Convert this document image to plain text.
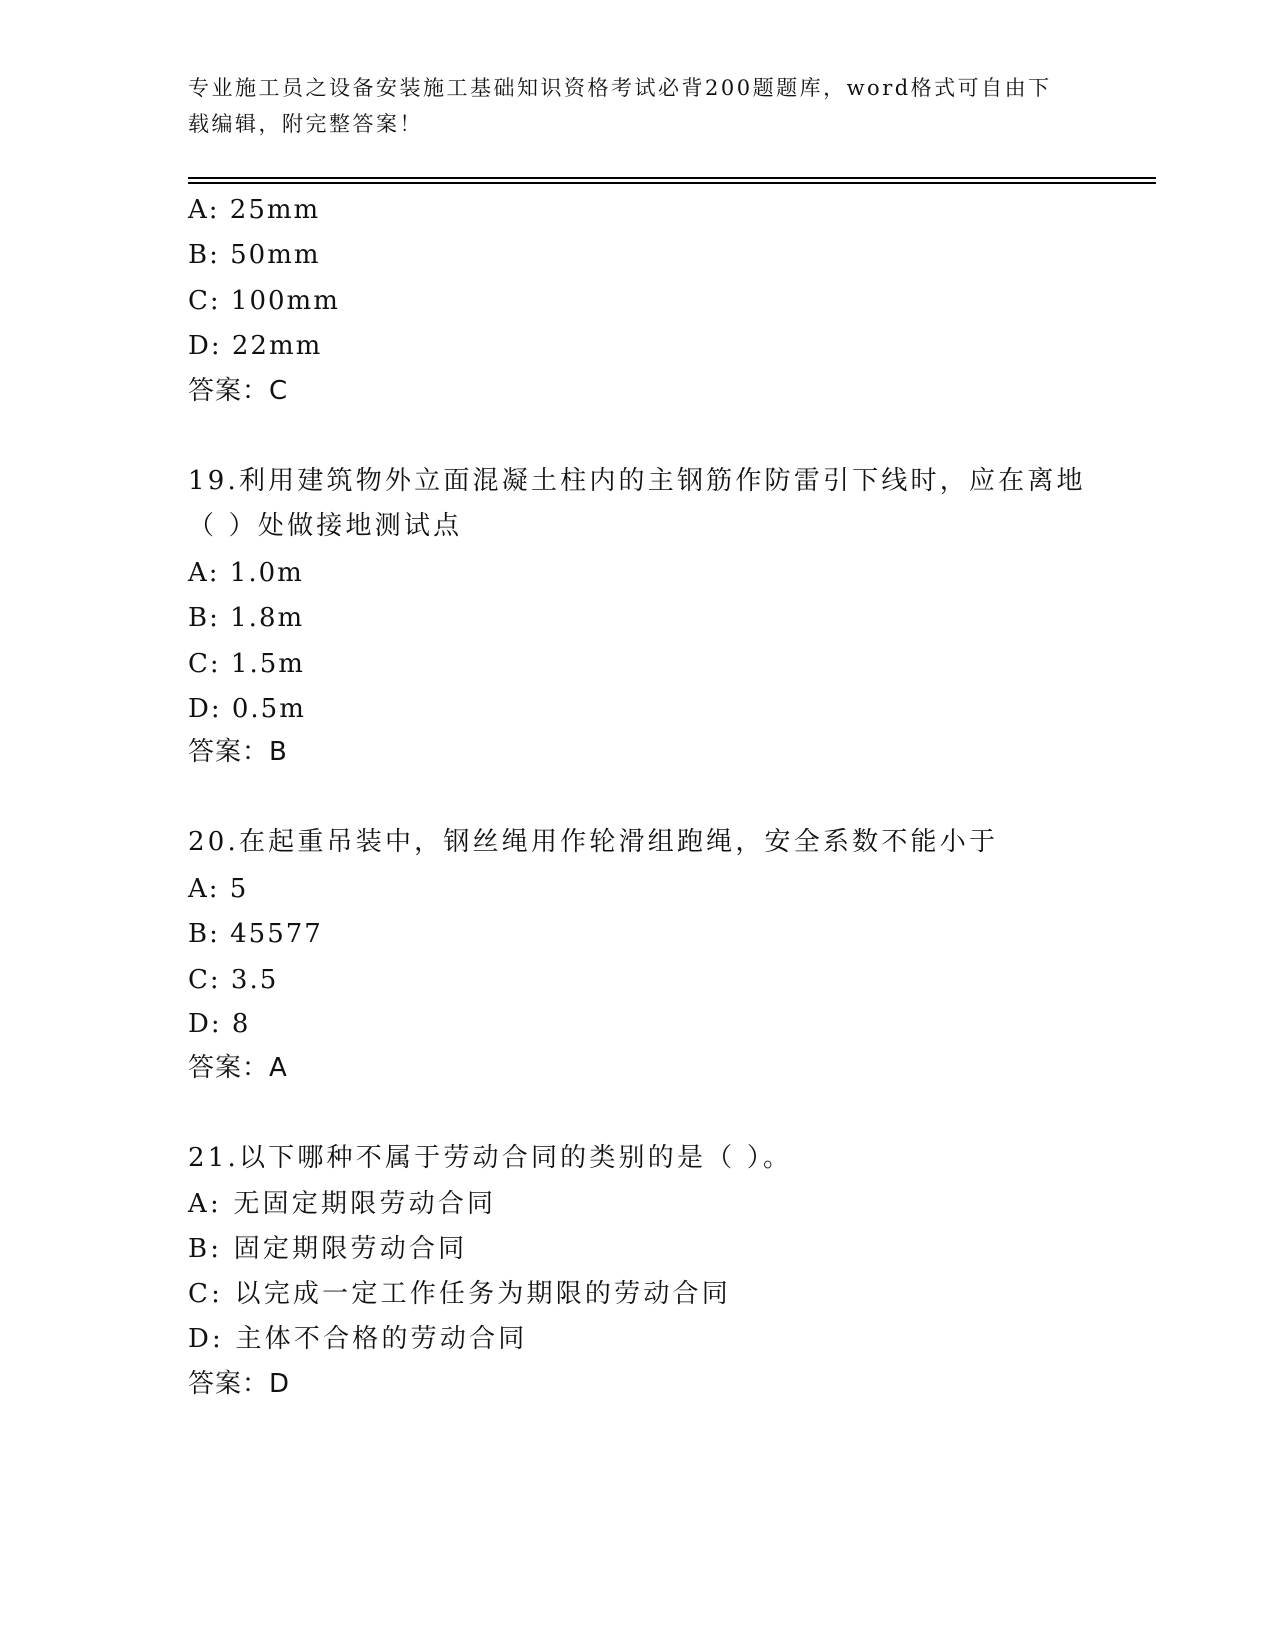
专业施工员之设备安装施工基础知识资格考试必背200题题库，word格式可自由下载编辑，附完整答案！
A: 25mm
B: 50mm
C: 100mm
D: 22mm
答案：C
19.利用建筑物外立面混凝土柱内的主钢筋作防雷引下线时，应在离地
（ ）处做接地测试点
A: 1.0m
B: 1.8m
C: 1.5m
D: 0.5m
答案：B
20.在起重吊装中，钢丝绳用作轮滑组跑绳，安全系数不能小于
A: 5
B: 45577
C: 3.5
D: 8
答案：A
21.以下哪种不属于劳动合同的类别的是（ ）。
A: 无固定期限劳动合同
B: 固定期限劳动合同
C: 以完成一定工作任务为期限的劳动合同
D: 主体不合格的劳动合同
答案：D
